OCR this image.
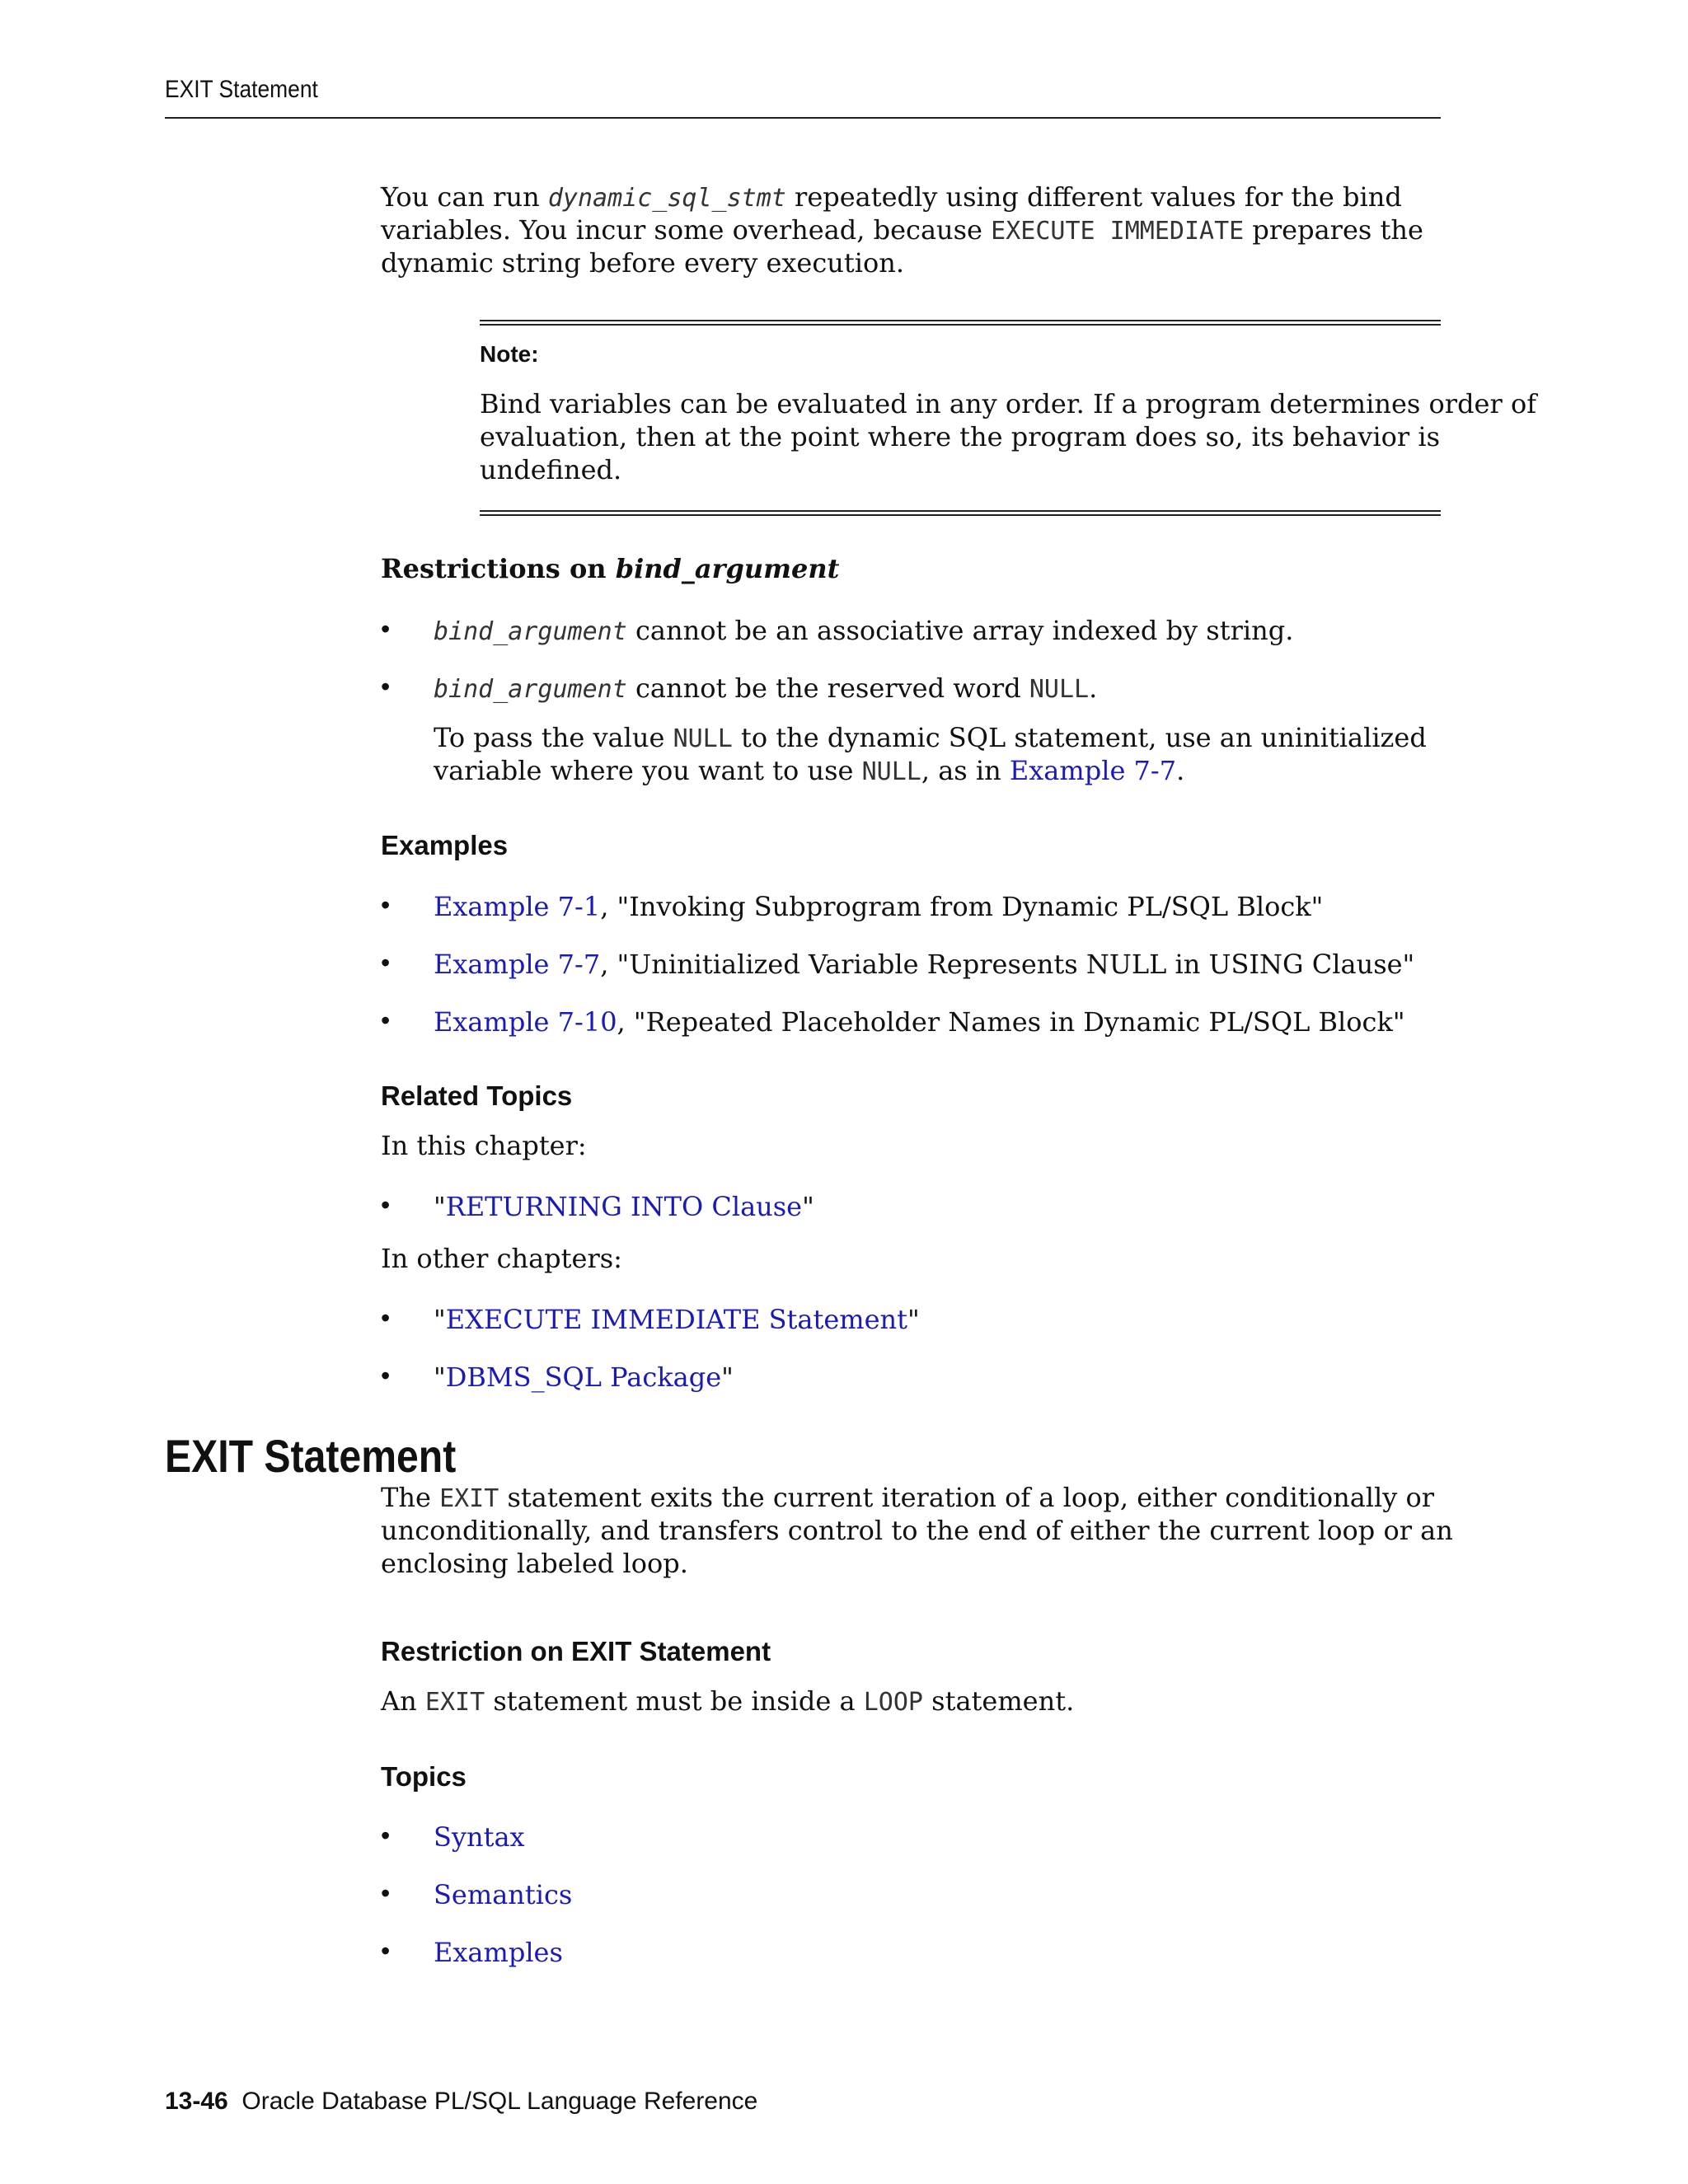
EXIT Statement
You can run dynamic_sql_stmt repeatedly using different values for the bind
variables. You incur some overhead, because EXECUTE IMMEDIATE prepares the
dynamic string before every execution.
Note:
Bind variables can be evaluated in any order. If a program determines order of
evaluation, then at the point where the program does so, its behavior is
undefined.
Restrictions on bind_argument
• bind_argument cannot be an associative array indexed by string.
• bind_argument cannot be the reserved word NULL.
To pass the value NULL to the dynamic SQL statement, use an uninitialized
variable where you want to use NULL, as in Example 7-7.
Examples
• Example 7-1, "Invoking Subprogram from Dynamic PL/SQL Block"
• Example 7-7, "Uninitialized Variable Represents NULL in USING Clause"
• Example 7-10, "Repeated Placeholder Names in Dynamic PL/SQL Block"
Related Topics
In this chapter:
• "RETURNING INTO Clause"
In other chapters:
• "EXECUTE IMMEDIATE Statement"
• "DBMS_SQL Package"
EXIT Statement
The EXIT statement exits the current iteration of a loop, either conditionally or
unconditionally, and transfers control to the end of either the current loop or an
enclosing labeled loop.
Restriction on EXIT Statement
An EXIT statement must be inside a LOOP statement.
Topics
• Syntax
• Semantics
• Examples
13-46 Oracle Database PL/SQL Language Reference
